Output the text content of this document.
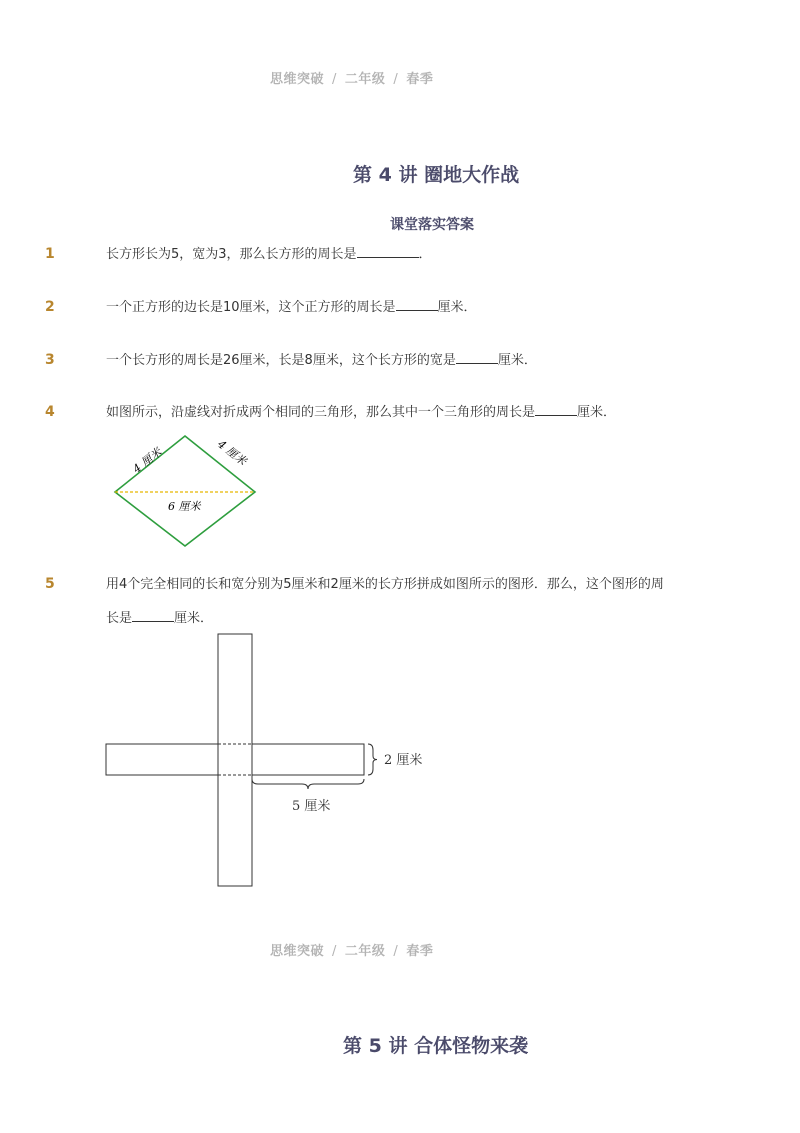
思维突破 / 二年级 / 春季
第 4 讲 圈地大作战
课堂落实答案
1	长方形长为5，宽为3，那么长方形的周长是	．
2	一个正方形的边长是10厘米，这个正方形的周长是	厘米．
3	一个长方形的周长是26厘米，长是8厘米，这个长方形的宽是	厘米．
4	如图所示，沿虚线对折成两个相同的三角形，那么其中一个三角形的周长是	厘米．
4 厘米	4 厘米
6 厘米
5	用4个完全相同的长和宽分别为5厘米和2厘米的长方形拼成如图所示的图形．那么，这个图形的周
长是	厘米．
2 厘米
5 厘米
思维突破 / 二年级 / 春季
第 5 讲 合体怪物来袭
